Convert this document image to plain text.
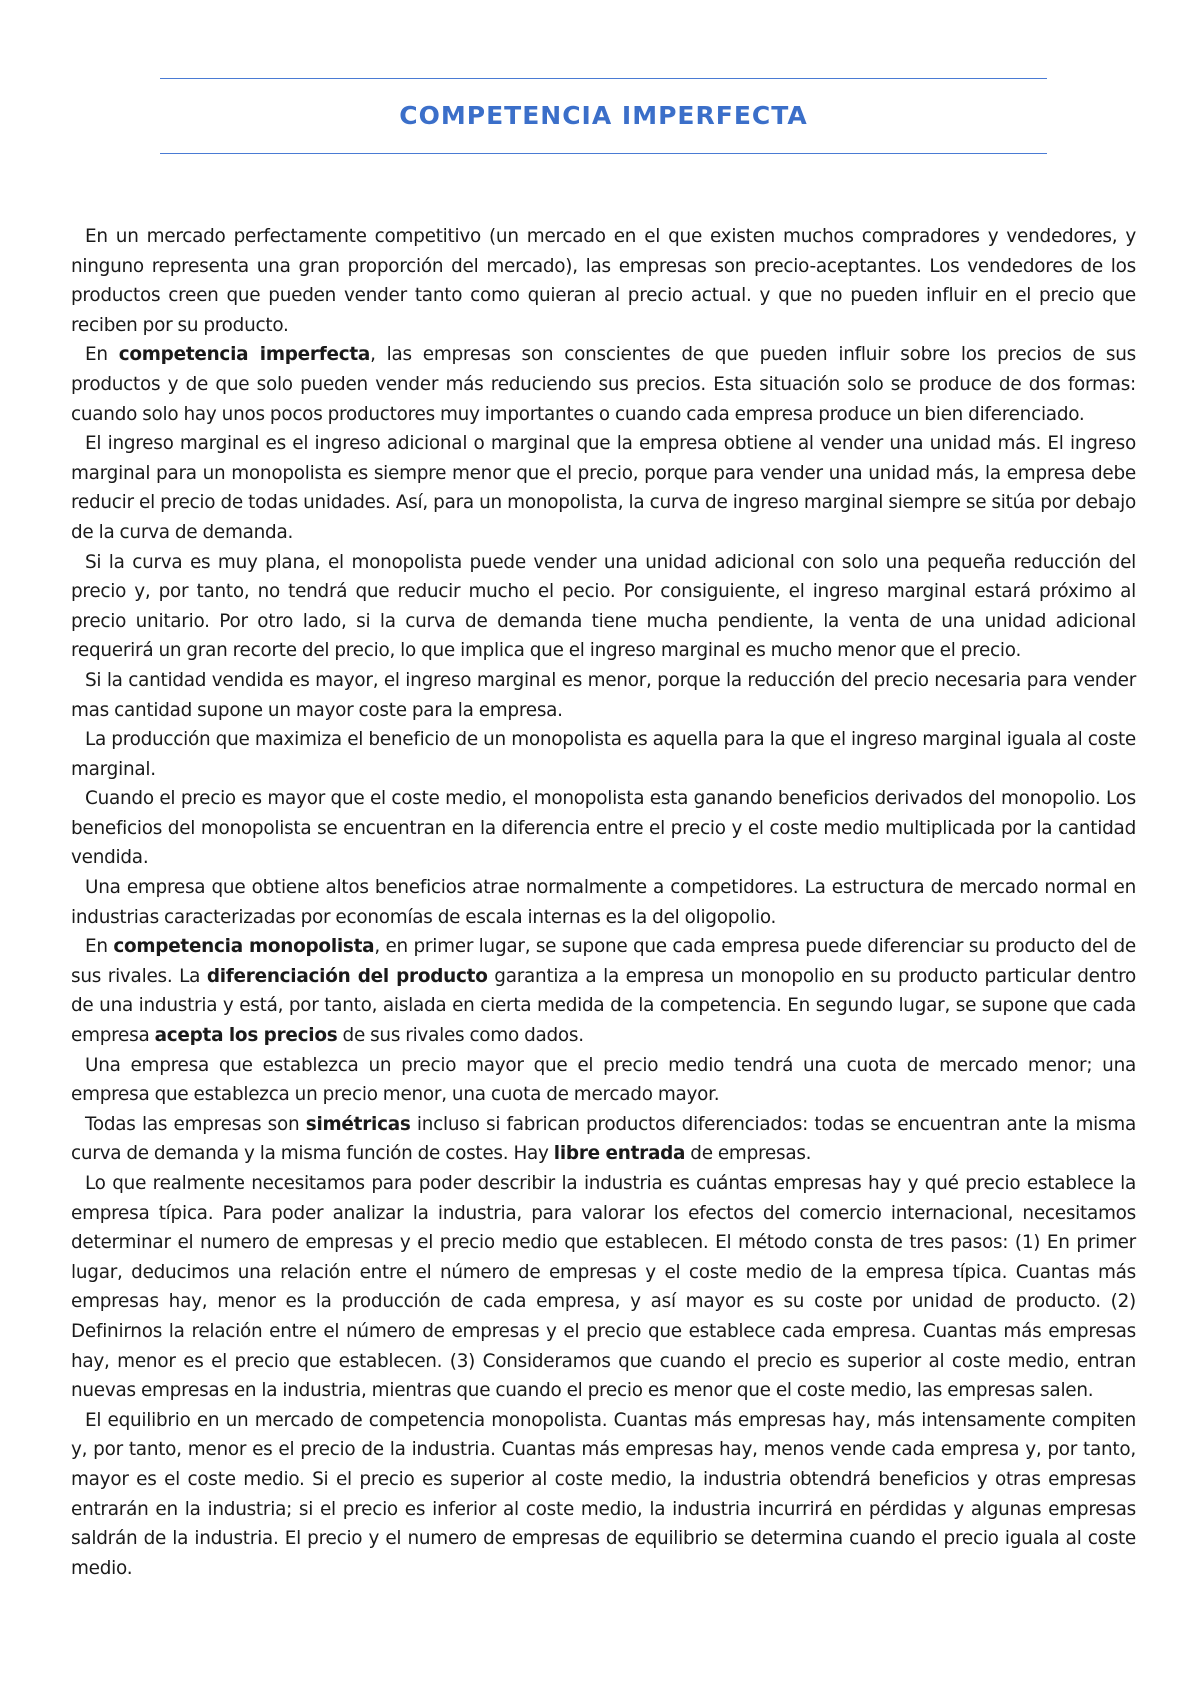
COMPETENCIA IMPERFECTA

En un mercado perfectamente competitivo (un mercado en el que existen muchos compradores y vendedores, y ninguno representa una gran proporción del mercado), las empresas son precio-aceptantes. Los vendedores de los productos creen que pueden vender tanto como quieran al precio actual. y que no pueden influir en el precio que reciben por su producto.

En competencia imperfecta, las empresas son conscientes de que pueden influir sobre los precios de sus productos y de que solo pueden vender más reduciendo sus precios. Esta situación solo se produce de dos formas: cuando solo hay unos pocos productores muy importantes o cuando cada empresa produce un bien diferenciado.

El ingreso marginal es el ingreso adicional o marginal que la empresa obtiene al vender una unidad más. El ingreso marginal para un monopolista es siempre menor que el precio, porque para vender una unidad más, la empresa debe reducir el precio de todas unidades. Así, para un monopolista, la curva de ingreso marginal siempre se sitúa por debajo de la curva de demanda.

Si la curva es muy plana, el monopolista puede vender una unidad adicional con solo una pequeña reducción del precio y, por tanto, no tendrá que reducir mucho el pecio. Por consiguiente, el ingreso marginal estará próximo al precio unitario. Por otro lado, si la curva de demanda tiene mucha pendiente, la venta de una unidad adicional requerirá un gran recorte del precio, lo que implica que el ingreso marginal es mucho menor que el precio.

Si la cantidad vendida es mayor, el ingreso marginal es menor, porque la reducción del precio necesaria para vender mas cantidad supone un mayor coste para la empresa.

La producción que maximiza el beneficio de un monopolista es aquella para la que el ingreso marginal iguala al coste marginal.

Cuando el precio es mayor que el coste medio, el monopolista esta ganando beneficios derivados del monopolio. Los beneficios del monopolista se encuentran en la diferencia entre el precio y el coste medio multiplicada por la cantidad vendida.

Una empresa que obtiene altos beneficios atrae normalmente a competidores. La estructura de mercado normal en industrias caracterizadas por economías de escala internas es la del oligopolio.

En competencia monopolista, en primer lugar, se supone que cada empresa puede diferenciar su producto del de sus rivales. La diferenciación del producto garantiza a la empresa un monopolio en su producto particular dentro de una industria y está, por tanto, aislada en cierta medida de la competencia. En segundo lugar, se supone que cada empresa acepta los precios de sus rivales como dados.

Una empresa que establezca un precio mayor que el precio medio tendrá una cuota de mercado menor; una empresa que establezca un precio menor, una cuota de mercado mayor.

Todas las empresas son simétricas incluso si fabrican productos diferenciados: todas se encuentran ante la misma curva de demanda y la misma función de costes. Hay libre entrada de empresas.

Lo que realmente necesitamos para poder describir la industria es cuántas empresas hay y qué precio establece la empresa típica. Para poder analizar la industria, para valorar los efectos del comercio internacional, necesitamos determinar el numero de empresas y el precio medio que establecen. El método consta de tres pasos: (1) En primer lugar, deducimos una relación entre el número de empresas y el coste medio de la empresa típica. Cuantas más empresas hay, menor es la producción de cada empresa, y así mayor es su coste por unidad de producto. (2) Definirnos la relación entre el número de empresas y el precio que establece cada empresa. Cuantas más empresas hay, menor es el precio que establecen. (3) Consideramos que cuando el precio es superior al coste medio, entran nuevas empresas en la industria, mientras que cuando el precio es menor que el coste medio, las empresas salen.

El equilibrio en un mercado de competencia monopolista. Cuantas más empresas hay, más intensamente compiten y, por tanto, menor es el precio de la industria. Cuantas más empresas hay, menos vende cada empresa y, por tanto, mayor es el coste medio. Si el precio es superior al coste medio, la industria obtendrá beneficios y otras empresas entrarán en la industria; si el precio es inferior al coste medio, la industria incurrirá en pérdidas y algunas empresas saldrán de la industria. El precio y el numero de empresas de equilibrio se determina cuando el precio iguala al coste medio.
